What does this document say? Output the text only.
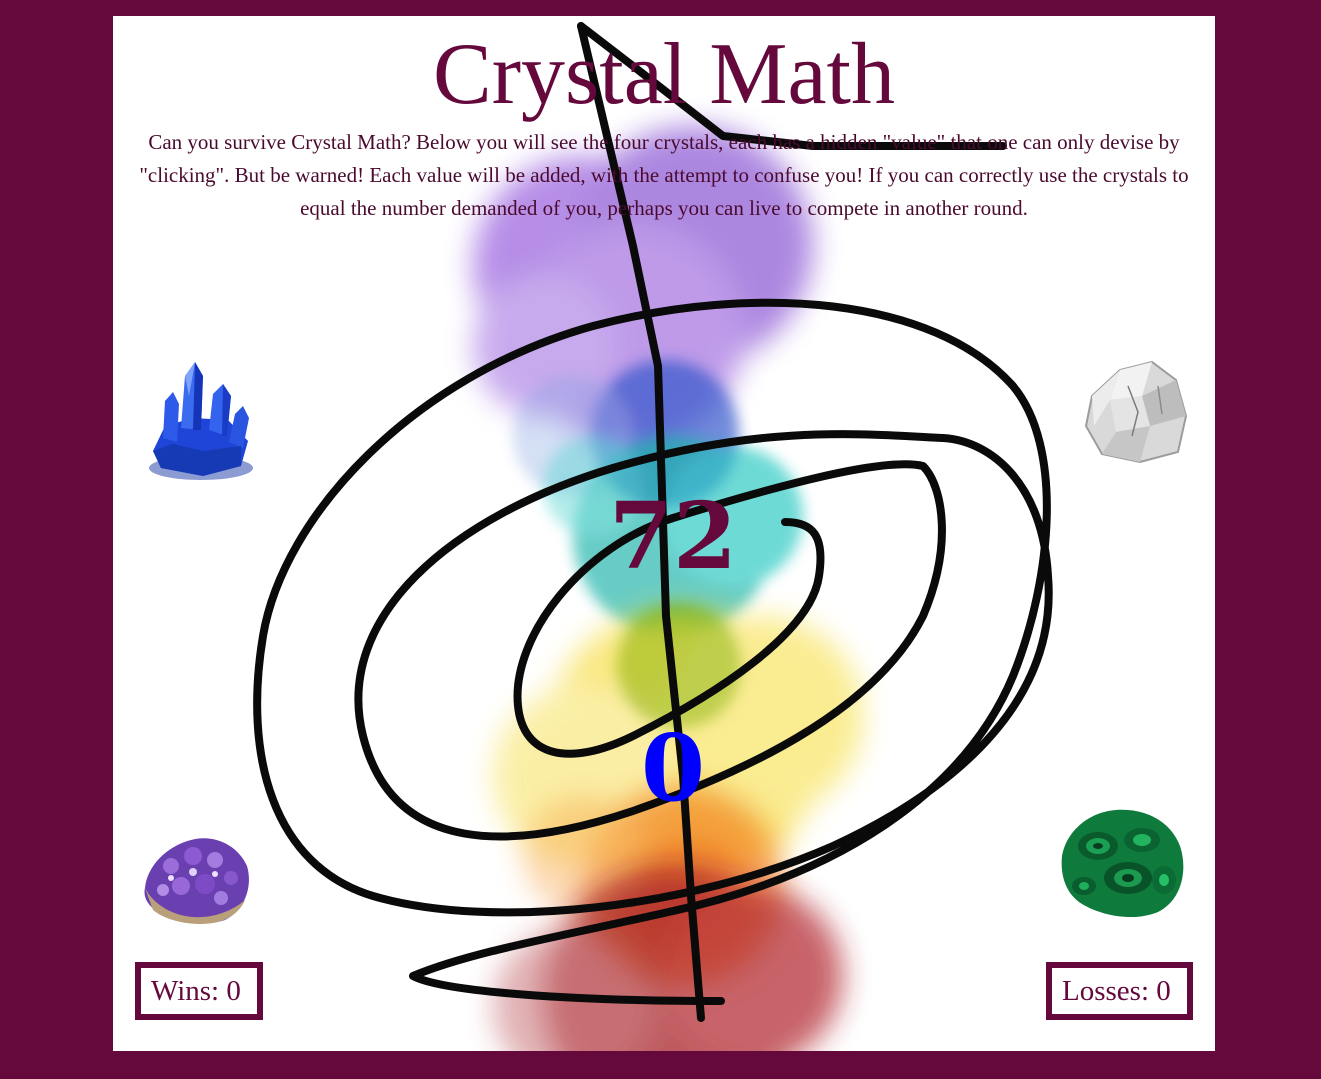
Crystal Math
Can you survive Crystal Math? Below you will see the four crystals, each has a hidden "value" that one can only devise by "clicking". But be warned! Each value will be added, with the attempt to confuse you! If you can correctly use the crystals to equal the number demanded of you, perhaps you can live to compete in another round.
72
0
Wins: 0	Losses: 0
